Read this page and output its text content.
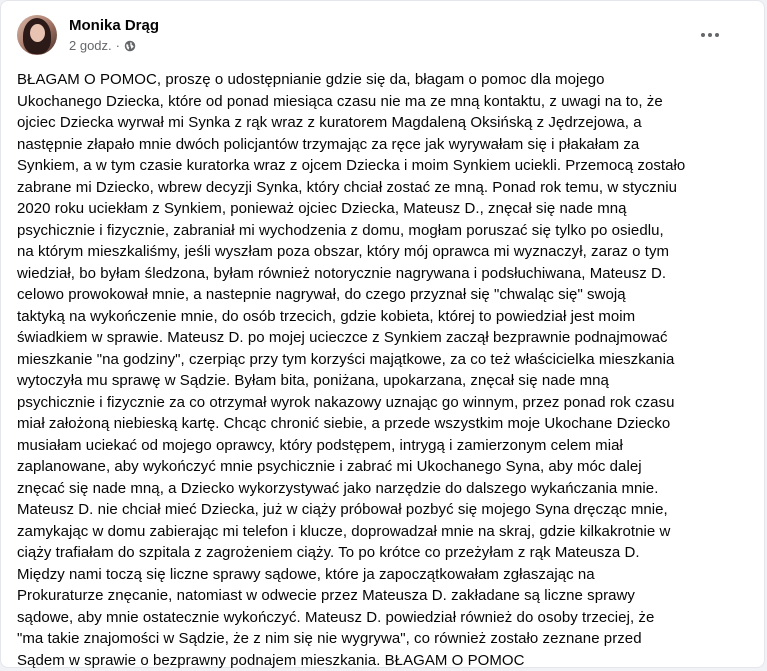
Monika Drąg
2 godz. ·
BŁAGAM O POMOC, proszę o udostępnianie gdzie się da, błagam o pomoc dla mojego
Ukochanego Dziecka, które od ponad miesiąca czasu nie ma ze mną kontaktu, z uwagi na to, że
ojciec Dziecka wyrwał mi Synka z rąk wraz z kuratorem Magdaleną Oksińską z Jędrzejowa, a
następnie złapało mnie dwóch policjantów trzymając za ręce jak wyrywałam się i płakałam za
Synkiem, a w tym czasie kuratorka wraz z ojcem Dziecka i moim Synkiem uciekli. Przemocą zostało
zabrane mi Dziecko, wbrew decyzji Synka, który chciał zostać ze mną. Ponad rok temu, w styczniu
2020 roku uciekłam z Synkiem, ponieważ ojciec Dziecka, Mateusz D., znęcał się nade mną
psychicznie i fizycznie, zabraniał mi wychodzenia z domu, mogłam poruszać się tylko po osiedlu,
na którym mieszkaliśmy, jeśli wyszłam poza obszar, który mój oprawca mi wyznaczył, zaraz o tym
wiedział, bo byłam śledzona, byłam również notorycznie nagrywana i podsłuchiwana, Mateusz D.
celowo prowokował mnie, a nastepnie nagrywał, do czego przyznał się "chwaląc się" swoją
taktyką na wykończenie mnie, do osób trzecich, gdzie kobieta, której to powiedział jest moim
świadkiem w sprawie. Mateusz D. po mojej ucieczce z Synkiem zaczął bezprawnie podnajmować
mieszkanie "na godziny", czerpiąc przy tym korzyści majątkowe, za co też właścicielka mieszkania
wytoczyła mu sprawę w Sądzie. Byłam bita, poniżana, upokarzana, znęcał się nade mną
psychicznie i fizycznie za co otrzymał wyrok nakazowy uznając go winnym, przez ponad rok czasu
miał założoną niebieską kartę. Chcąc chronić siebie, a przede wszystkim moje Ukochane Dziecko
musiałam uciekać od mojego oprawcy, który podstępem, intrygą i zamierzonym celem miał
zaplanowane, aby wykończyć mnie psychicznie i zabrać mi Ukochanego Syna, aby móc dalej
znęcać się nade mną, a Dziecko wykorzystywać jako narzędzie do dalszego wykańczania mnie.
Mateusz D. nie chciał mieć Dziecka, już w ciąży próbował pozbyć się mojego Syna dręcząc mnie,
zamykając w domu zabierając mi telefon i klucze, doprowadzał mnie na skraj, gdzie kilkakrotnie w
ciąży trafiałam do szpitala z zagrożeniem ciąży. To po krótce co przeżyłam z rąk Mateusza D.
Między nami toczą się liczne sprawy sądowe, które ja zapoczątkowałam zgłaszając na
Prokuraturze znęcanie, natomiast w odwecie przez Mateusza D. zakładane są liczne sprawy
sądowe, aby mnie ostatecznie wykończyć. Mateusz D. powiedział również do osoby trzeciej, że
"ma takie znajomości w Sądzie, że z nim się nie wygrywa", co również zostało zeznane przed
Sądem w sprawie o bezprawny podnajem mieszkania. BŁAGAM O POMOC
